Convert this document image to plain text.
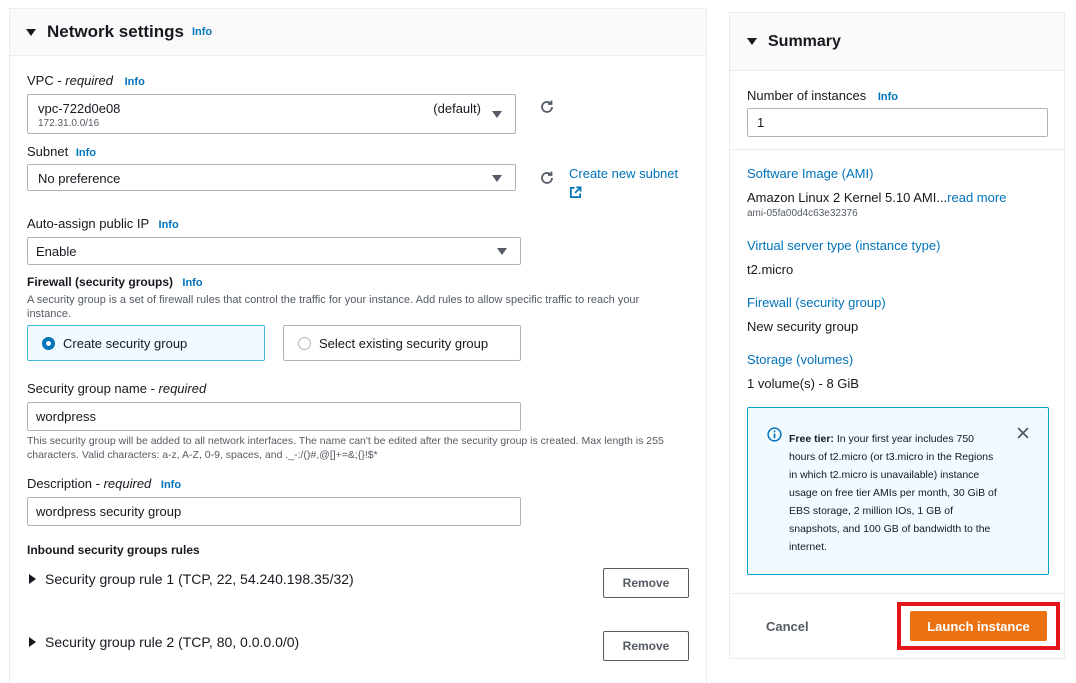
Network settings Info
VPC - required Info
vpc-722d0e08
172.31.0.0/16
(default)
Subnet Info
No preference	Create new subnet
Auto-assign public IP Info
Enable
Firewall (security groups) Info
A security group is a set of firewall rules that control the traffic for your instance. Add rules to allow specific traffic to reach your instance.
Create security group	Select existing security group
Security group name - required
wordpress
This security group will be added to all network interfaces. The name can't be edited after the security group is created. Max length is 255 characters. Valid characters: a-z, A-Z, 0-9, spaces, and ._-:/()#,@[]+=&;{}!$*
Description - required Info
wordpress security group
Inbound security groups rules
Security group rule 1 (TCP, 22, 54.240.198.35/32)	Remove
Security group rule 2 (TCP, 80, 0.0.0.0/0)	Remove
Summary
Number of instances Info
1
Software Image (AMI)
Amazon Linux 2 Kernel 5.10 AMI...read more
ami-05fa00d4c63e32376
Virtual server type (instance type)
t2.micro
Firewall (security group)
New security group
Storage (volumes)
1 volume(s) - 8 GiB
Free tier: In your first year includes 750 hours of t2.micro (or t3.micro in the Regions in which t2.micro is unavailable) instance usage on free tier AMIs per month, 30 GiB of EBS storage, 2 million IOs, 1 GB of snapshots, and 100 GB of bandwidth to the internet.
Cancel	Launch instance
